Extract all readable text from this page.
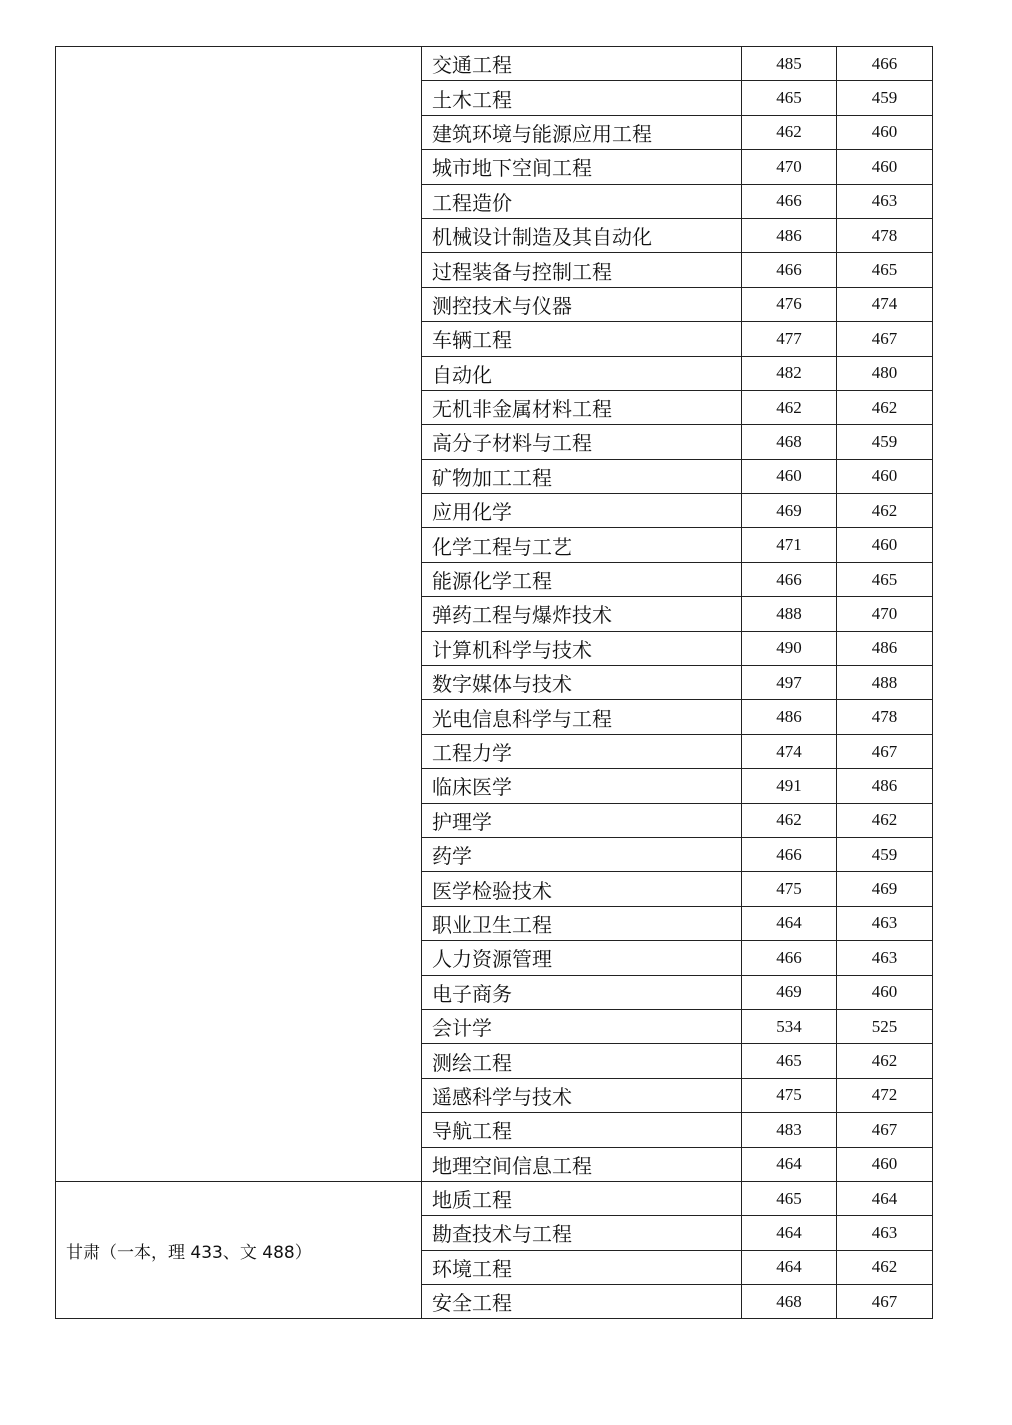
	交通工程	485	466
	土木工程	465	459
	建筑环境与能源应用工程	462	460
	城市地下空间工程	470	460
	工程造价	466	463
	机械设计制造及其自动化	486	478
	过程装备与控制工程	466	465
	测控技术与仪器	476	474
	车辆工程	477	467
	自动化	482	480
	无机非金属材料工程	462	462
	高分子材料与工程	468	459
	矿物加工工程	460	460
	应用化学	469	462
	化学工程与工艺	471	460
	能源化学工程	466	465
	弹药工程与爆炸技术	488	470
	计算机科学与技术	490	486
	数字媒体与技术	497	488
	光电信息科学与工程	486	478
	工程力学	474	467
	临床医学	491	486
	护理学	462	462
	药学	466	459
	医学检验技术	475	469
	职业卫生工程	464	463
	人力资源管理	466	463
	电子商务	469	460
	会计学	534	525
	测绘工程	465	462
	遥感科学与技术	475	472
	导航工程	483	467
	地理空间信息工程	464	460
甘肃（一本，理 433、文 488）	地质工程	465	464
	勘查技术与工程	464	463
	环境工程	464	462
	安全工程	468	467
